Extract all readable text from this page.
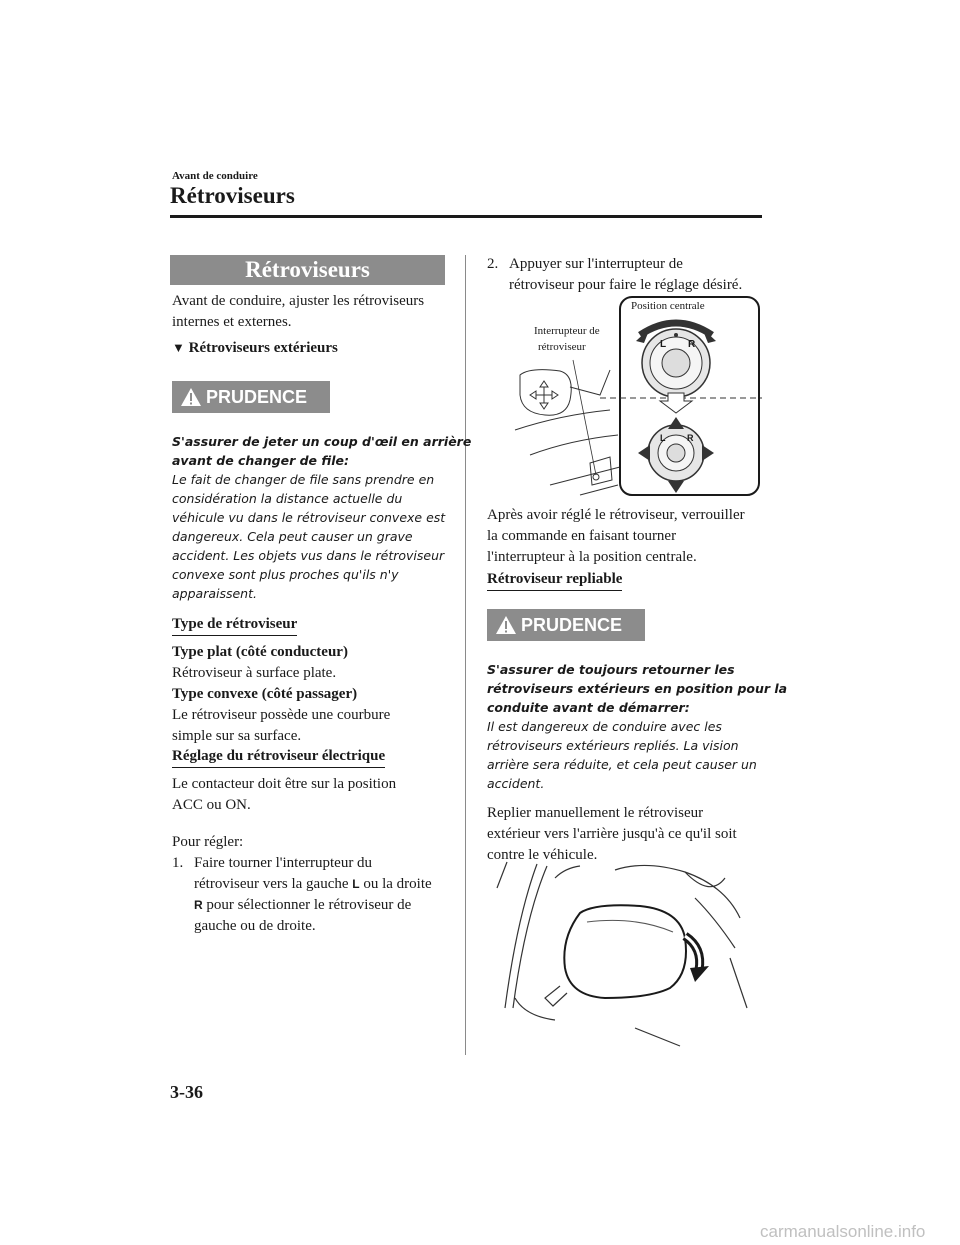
Avant de conduire
Rétroviseurs
Rétroviseurs
Avant de conduire, ajuster les rétroviseurs
internes et externes.
▼ Rétroviseurs extérieurs
PRUDENCE
S'assurer de jeter un coup d'œil en arrière
avant de changer de file:
Le fait de changer de file sans prendre en
considération la distance actuelle du
véhicule vu dans le rétroviseur convexe est
dangereux. Cela peut causer un grave
accident. Les objets vus dans le rétroviseur
convexe sont plus proches qu'ils n'y
apparaissent.
Type de rétroviseur
Type plat (côté conducteur)
Rétroviseur à surface plate.
Type convexe (côté passager)
Le rétroviseur possède une courbure
simple sur sa surface.
Réglage du rétroviseur électrique
Le contacteur doit être sur la position
ACC ou ON.
Pour régler:
1. Faire tourner l'interrupteur du
rétroviseur vers la gauche L ou la droite
R pour sélectionner le rétroviseur de
gauche ou de droite.
2. Appuyer sur l'interrupteur de
rétroviseur pour faire le réglage désiré.
Interrupteur de
rétroviseur
Position centrale
L R
L R
Après avoir réglé le rétroviseur, verrouiller
la commande en faisant tourner
l'interrupteur à la position centrale.
Rétroviseur repliable
PRUDENCE
S'assurer de toujours retourner les
rétroviseurs extérieurs en position pour la
conduite avant de démarrer:
Il est dangereux de conduire avec les
rétroviseurs extérieurs repliés. La vision
arrière sera réduite, et cela peut causer un
accident.
Replier manuellement le rétroviseur
extérieur vers l'arrière jusqu'à ce qu'il soit
contre le véhicule.
3-36
carmanualsonline.info
